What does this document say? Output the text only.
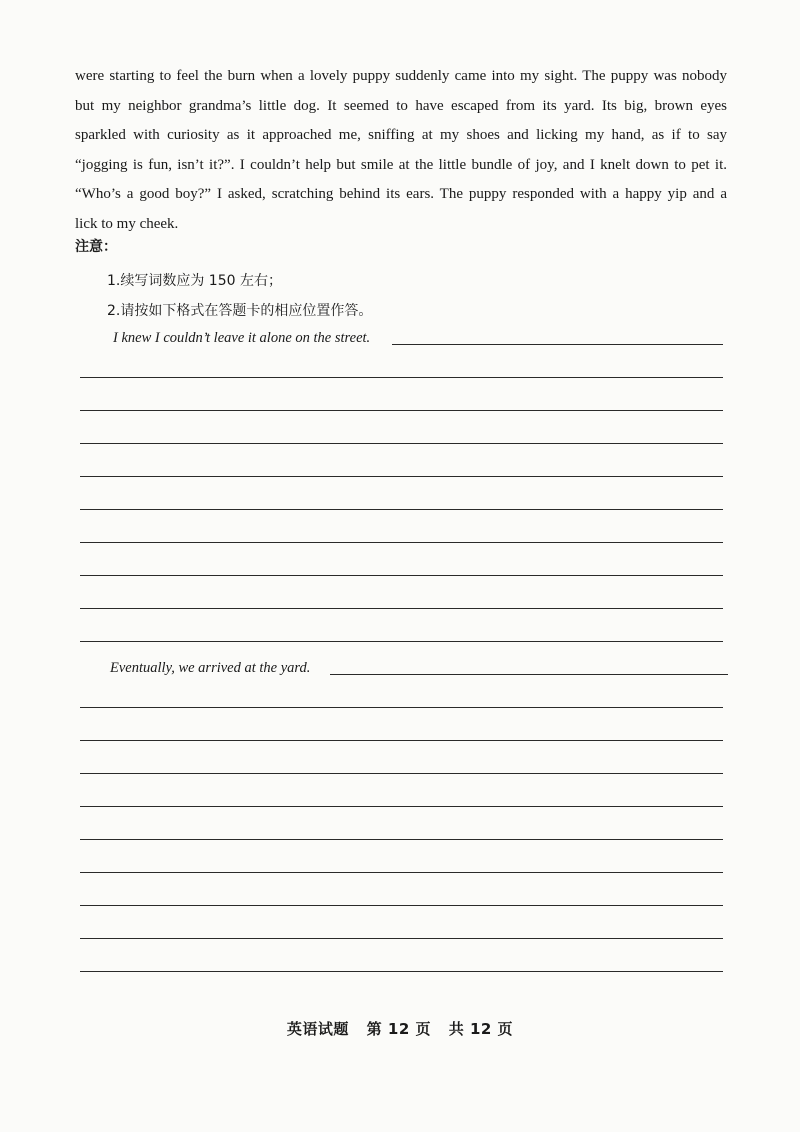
were starting to feel the burn when a lovely puppy suddenly came into my sight. The puppy was nobody

but my neighbor grandma’s little dog. It seemed to have escaped from its yard. Its big, brown eyes

sparkled with curiosity as it approached me, sniffing at my shoes and licking my hand, as if to say

“jogging is fun, isn’t it?”. I couldn’t help but smile at the little bundle of joy, and I knelt down to pet it.

“Who’s a good boy?” I asked, scratching behind its ears. The puppy responded with a happy yip and a

lick to my cheek.

注意：
1.续写词数应为 150 左右；
2.请按如下格式在答题卡的相应位置作答。
I knew I couldn’t leave it alone on the street.
Eventually, we arrived at the yard.
英语试题 第 12 页 共 12 页
